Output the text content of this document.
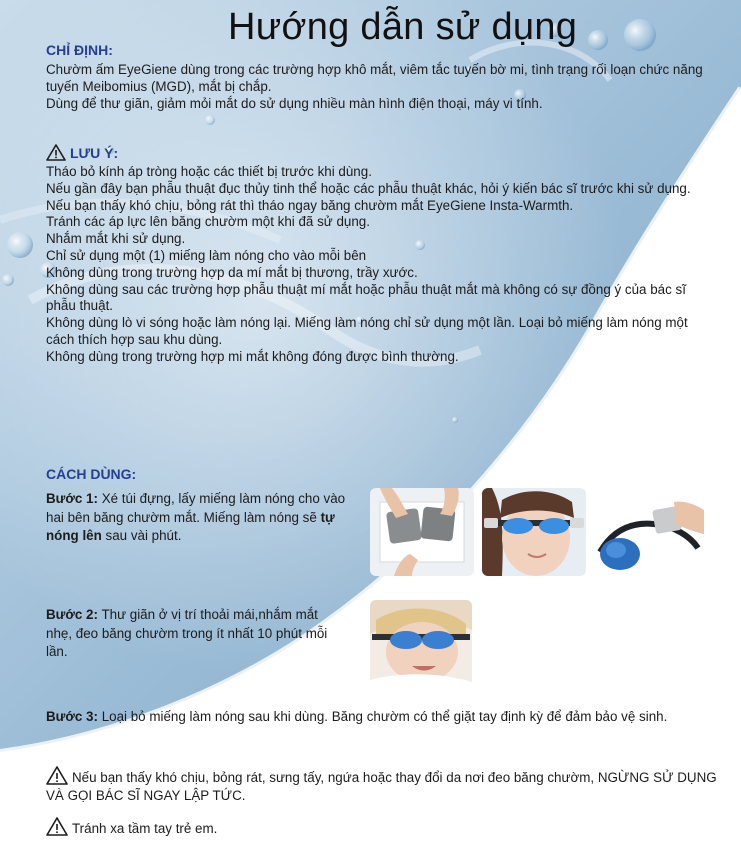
Hướng dẫn sử dụng
CHỈ ĐỊNH:

Chườm ấm EyeGiene dùng trong các trường hợp khô mắt, viêm tắc tuyến bờ mi, tình trạng rối loạn chức năng tuyến Meibomius (MGD), mắt bị chắp.

Dùng để thư giãn, giảm mỏi mắt do sử dụng nhiều màn hình điện thoại, máy vi tính.

LƯU Ý:

Tháo bỏ kính áp tròng hoặc các thiết bị trước khi dùng.

Nếu gần đây bạn phẫu thuật đục thủy tinh thể hoặc các phẫu thuật khác, hỏi ý kiến bác sĩ trước khi sử dụng.

Nếu bạn thấy khó chịu, bỏng rát thì tháo ngay băng chườm mắt EyeGiene Insta-Warmth.

Tránh các áp lực lên băng chườm một khi đã sử dụng.

Nhắm mắt khi sử dụng.

Chỉ sử dụng một (1) miếng làm nóng cho vào mỗi bên

Không dùng trong trường hợp da mí mắt bị thương, trầy xước.

Không dùng sau các trường hợp phẫu thuật mí mắt hoặc phẫu thuật mắt mà không có sự đồng ý của bác sĩ phẫu thuật.

Không dùng lò vi sóng hoặc làm nóng lại. Miếng làm nóng chỉ sử dụng một lần. Loại bỏ miếng làm nóng một cách thích hợp sau khu dùng.

Không dùng trong trường hợp mi mắt không đóng được bình thường.

CÁCH DÙNG:
Bước 1: Xé túi đựng, lấy miếng làm nóng cho vào hai bên băng chườm mắt. Miếng làm nóng sẽ tự nóng lên sau vài phút.
Bước 2: Thư giãn ở vị trí thoải mái,nhắm mắt nhẹ, đeo băng chườm trong ít nhất 10 phút mỗi lần.
Bước 3: Loại bỏ miếng làm nóng sau khi dùng. Băng chườm có thể giặt tay định kỳ để đảm bảo vệ sinh.
Nếu bạn thấy khó chịu, bỏng rát, sưng tấy, ngứa hoặc thay đổi da nơi đeo băng chườm, NGỪNG SỬ DỤNG VÀ GỌI BÁC SĨ NGAY LẬP TỨC.
Tránh xa tầm tay trẻ em.
